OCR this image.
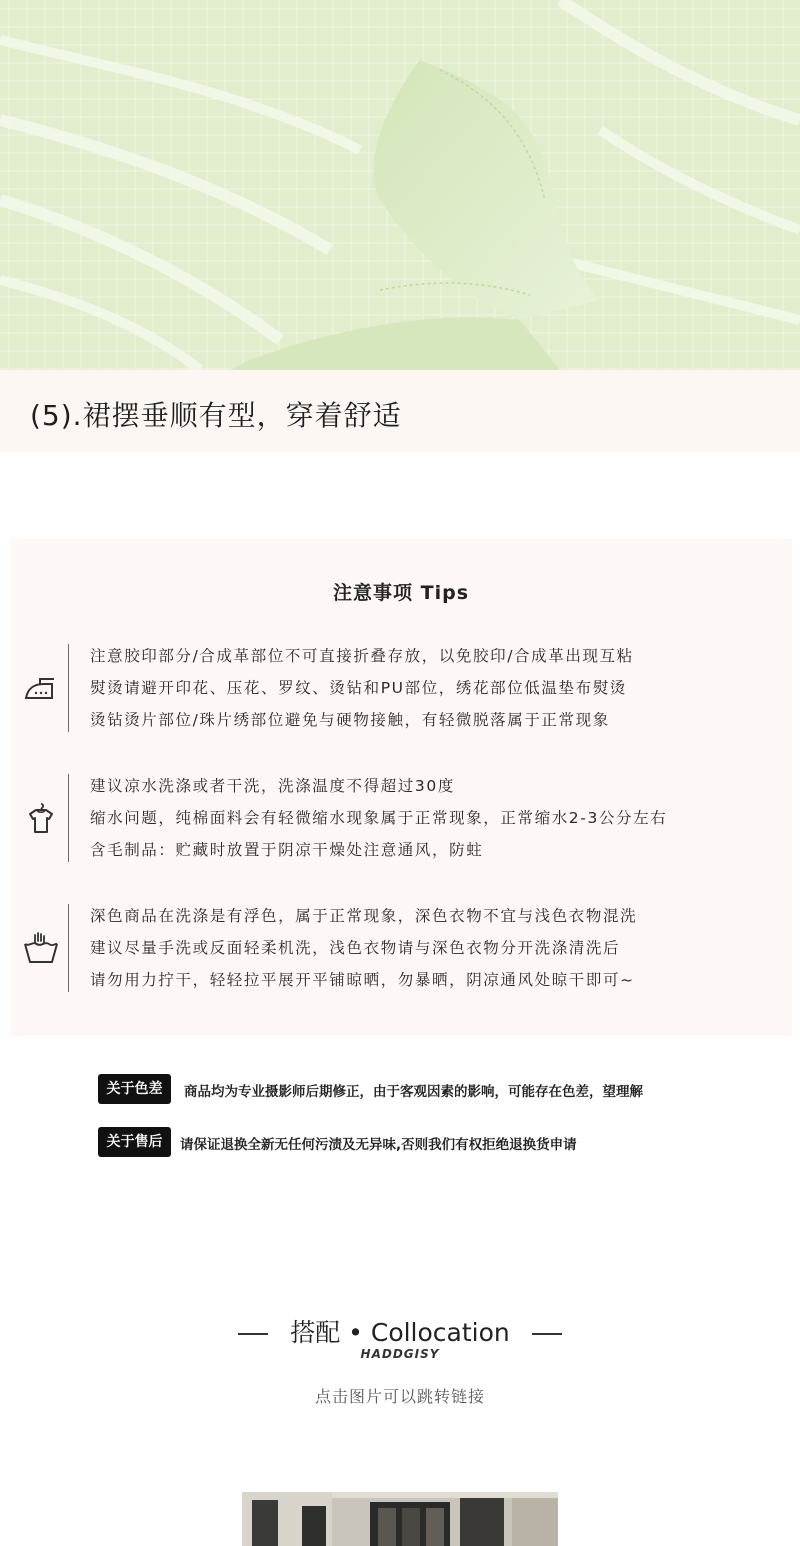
(5).裙摆垂顺有型，穿着舒适
注意事项 Tips
注意胶印部分/合成革部位不可直接折叠存放，以免胶印/合成革出现互粘
熨烫请避开印花、压花、罗纹、烫钻和PU部位，绣花部位低温垫布熨烫
烫钻烫片部位/珠片绣部位避免与硬物接触，有轻微脱落属于正常现象
建议凉水洗涤或者干洗，洗涤温度不得超过30度
缩水问题，纯棉面料会有轻微缩水现象属于正常现象，正常缩水2-3公分左右
含毛制品：贮藏时放置于阴凉干燥处注意通风，防蛀
深色商品在洗涤是有浮色，属于正常现象，深色衣物不宜与浅色衣物混洗
建议尽量手洗或反面轻柔机洗，浅色衣物请与深色衣物分开洗涤清洗后
请勿用力拧干，轻轻拉平展开平铺晾晒，勿暴晒，阴凉通风处晾干即可~
关于色差	商品均为专业摄影师后期修正，由于客观因素的影响，可能存在色差，望理解
关于售后	请保证退换全新无任何污渍及无异味,否则我们有权拒绝退换货申请
搭配 • Collocation
HADDGISY
点击图片可以跳转链接
